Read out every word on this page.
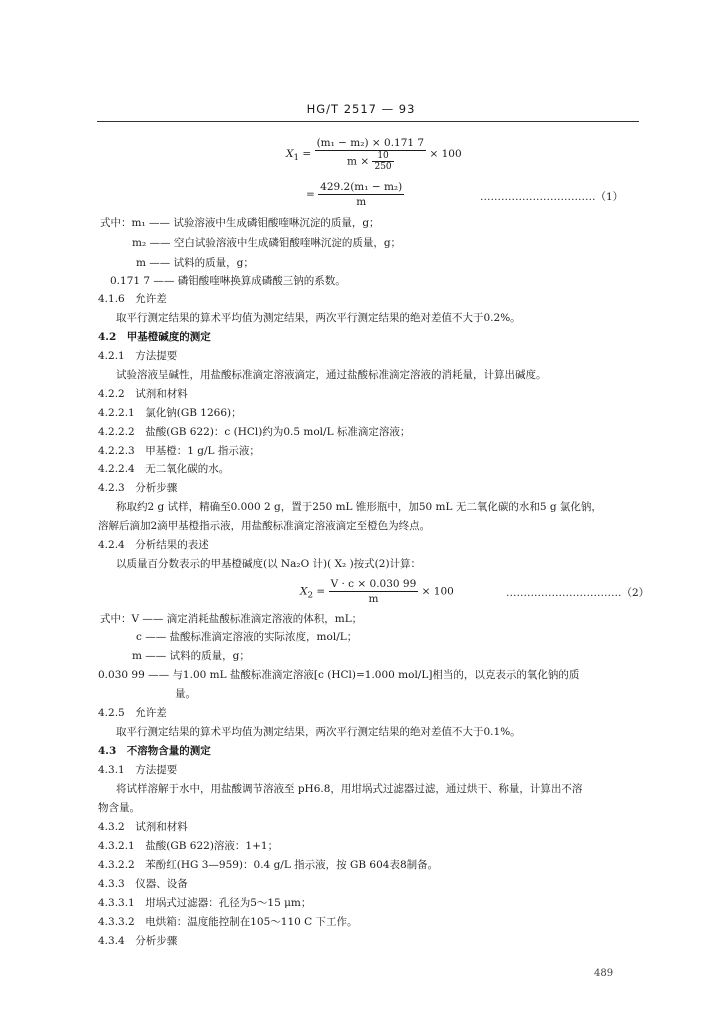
HG/T 2517 — 93
$X_1 = \frac{\text{(m₁ − m₂) × 0.171 7}}{m \times \frac{10}{250}} \times 100$
= $\frac{\text{429.2(m₁ − m₂)}}{m}$	……………………………（1）
式中：m₁ —— 试验溶液中生成磷钼酸喹啉沉淀的质量，g；
m₂ —— 空白试验溶液中生成磷钼酸喹啉沉淀的质量，g；
m —— 试料的质量，g；
0.171 7 —— 磷钼酸喹啉换算成磷酸三钠的系数。
4.1.6　允许差
取平行测定结果的算术平均值为测定结果，两次平行测定结果的绝对差值不大于0.2%。
4.2　甲基橙碱度的测定
4.2.1　方法提要
试验溶液呈碱性，用盐酸标准滴定溶液滴定，通过盐酸标准滴定溶液的消耗量，计算出碱度。
4.2.2　试剂和材料
4.2.2.1　氯化钠(GB 1266)；
4.2.2.2　盐酸(GB 622)：c (HCl)约为0.5 mol/L 标准滴定溶液；
4.2.2.3　甲基橙：1 g/L 指示液；
4.2.2.4　无二氧化碳的水。
4.2.3　分析步骤
称取约2 g 试样，精确至0.000 2 g，置于250 mL 锥形瓶中，加50 mL 无二氧化碳的水和5 g 氯化钠，
溶解后滴加2滴甲基橙指示液，用盐酸标准滴定溶液滴定至橙色为终点。
4.2.4　分析结果的表述
以质量百分数表示的甲基橙碱度(以 Na₂O 计)( X₂ )按式(2)计算：
$X_2 = \frac{V \cdot c \times 0.030 99}{m} \times 100$	……………………………（2）
式中：V —— 滴定消耗盐酸标准滴定溶液的体积，mL；
c —— 盐酸标准滴定溶液的实际浓度，mol/L；
m —— 试料的质量，g；
0.030 99 —— 与1.00 mL 盐酸标准滴定溶液[c (HCl)=1.000 mol/L]相当的，以克表示的氧化钠的质
量。
4.2.5　允许差
取平行测定结果的算术平均值为测定结果，两次平行测定结果的绝对差值不大于0.1%。
4.3　不溶物含量的测定
4.3.1　方法提要
将试样溶解于水中，用盐酸调节溶液至 pH6.8，用坩埚式过滤器过滤，通过烘干、称量，计算出不溶
物含量。
4.3.2　试剂和材料
4.3.2.1　盐酸(GB 622)溶液：1+1；
4.3.2.2　苯酚红(HG 3—959)：0.4 g/L 指示液，按 GB 604表8制备。
4.3.3　仪器、设备
4.3.3.1　坩埚式过滤器：孔径为5～15 μm；
4.3.3.2　电烘箱：温度能控制在105～110 C 下工作。
4.3.4　分析步骤
489
